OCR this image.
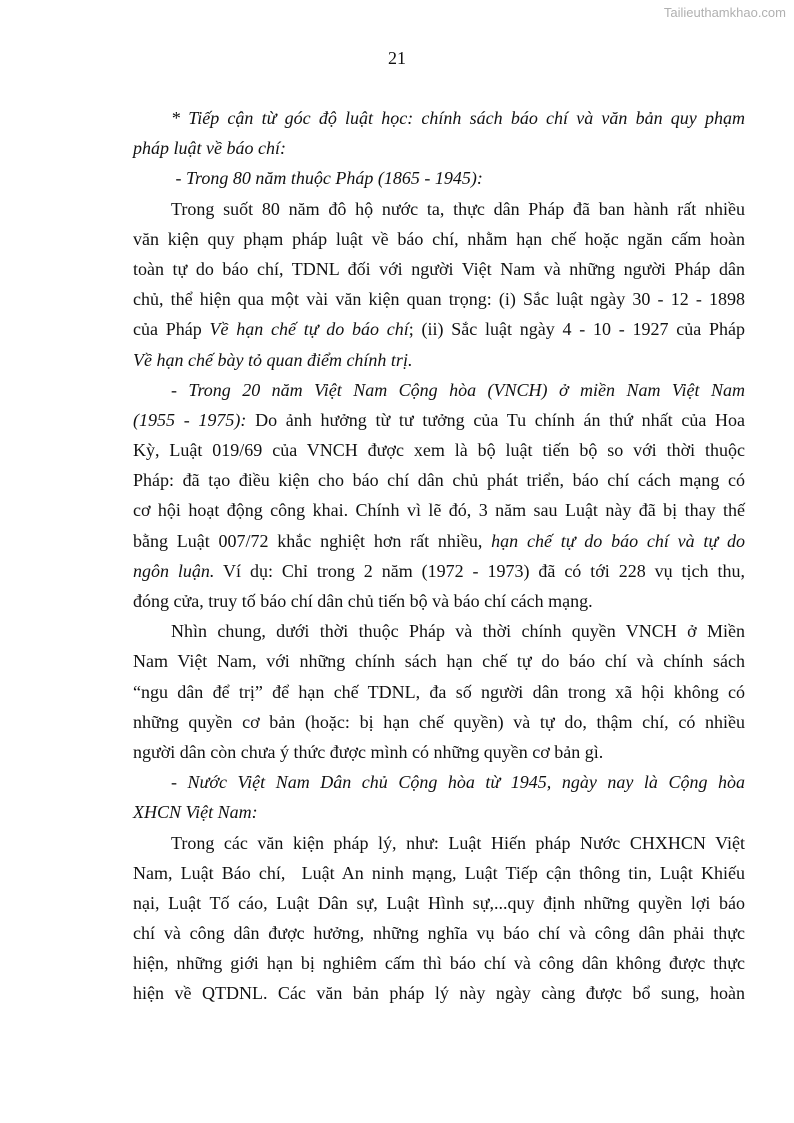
Tailieuthamkhao.com
21
* Tiếp cận từ góc độ luật học: chính sách báo chí và văn bản quy phạm
pháp luật về báo chí:
- Trong 80 năm thuộc Pháp (1865 - 1945):
Trong suốt 80 năm đô hộ nước ta, thực dân Pháp đã ban hành rất nhiều
văn kiện quy phạm pháp luật về báo chí, nhằm hạn chế hoặc ngăn cấm hoàn
toàn tự do báo chí, TDNL đối với người Việt Nam và những người Pháp dân
chủ, thể hiện qua một vài văn kiện quan trọng: (i) Sắc luật ngày 30 - 12 - 1898
của Pháp Về hạn chế tự do báo chí; (ii) Sắc luật ngày 4 - 10 - 1927 của Pháp
Về hạn chế bày tỏ quan điểm chính trị.
- Trong 20 năm Việt Nam Cộng hòa (VNCH) ở miền Nam Việt Nam
(1955 - 1975): Do ảnh hưởng từ tư tưởng của Tu chính án thứ nhất của Hoa
Kỳ, Luật 019/69 của VNCH được xem là bộ luật tiến bộ so với thời thuộc
Pháp: đã tạo điều kiện cho báo chí dân chủ phát triển, báo chí cách mạng có
cơ hội hoạt động công khai. Chính vì lẽ đó, 3 năm sau Luật này đã bị thay thế
bằng Luật 007/72 khắc nghiệt hơn rất nhiều, hạn chế tự do báo chí và tự do
ngôn luận. Ví dụ: Chỉ trong 2 năm (1972 - 1973) đã có tới 228 vụ tịch thu,
đóng cửa, truy tố báo chí dân chủ tiến bộ và báo chí cách mạng.
Nhìn chung, dưới thời thuộc Pháp và thời chính quyền VNCH ở Miền
Nam Việt Nam, với những chính sách hạn chế tự do báo chí và chính sách
“ngu dân để trị” để hạn chế TDNL, đa số người dân trong xã hội không có
những quyền cơ bản (hoặc: bị hạn chế quyền) và tự do, thậm chí, có nhiều
người dân còn chưa ý thức được mình có những quyền cơ bản gì.
- Nước Việt Nam Dân chủ Cộng hòa từ 1945, ngày nay là Cộng hòa
XHCN Việt Nam:
Trong các văn kiện pháp lý, như: Luật Hiến pháp Nước CHXHCN Việt
Nam, Luật Báo chí,  Luật An ninh mạng, Luật Tiếp cận thông tin, Luật Khiếu
nại, Luật Tố cáo, Luật Dân sự, Luật Hình sự,...quy định những quyền lợi báo
chí và công dân được hưởng, những nghĩa vụ báo chí và công dân phải thực
hiện, những giới hạn bị nghiêm cấm thì báo chí và công dân không được thực
hiện về QTDNL. Các văn bản pháp lý này ngày càng được bổ sung, hoàn
